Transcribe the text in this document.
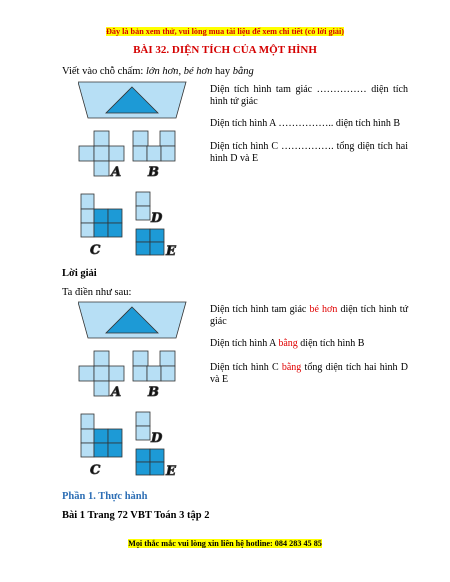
Đây là bản xem thử, vui lòng mua tài liệu để xem chi tiết (có lời giải)
BÀI 32. DIỆN TÍCH CỦA MỘT HÌNH
Viết vào chỗ chấm: lớn hơn, bé hơn hay bằng
A B
C
D
E
Diện tích hình tam giác …………… diện tích hình tứ giác
Diện tích hình A …………….. diện tích hình B
Diện tích hình C ……………. tổng diện tích hai hình D và E
Lời giải
Ta điền như sau:
A B
C
D
E
Diện tích hình tam giác bé hơn diện tích hình tứ giác
Diện tích hình A bằng diện tích hình B
Diện tích hình C bằng tổng diện tích hai hình D và E
Phần 1. Thực hành
Bài 1 Trang 72 VBT Toán 3 tập 2
Mọi thắc mắc vui lòng xin liên hệ hotline: 084 283 45 85
